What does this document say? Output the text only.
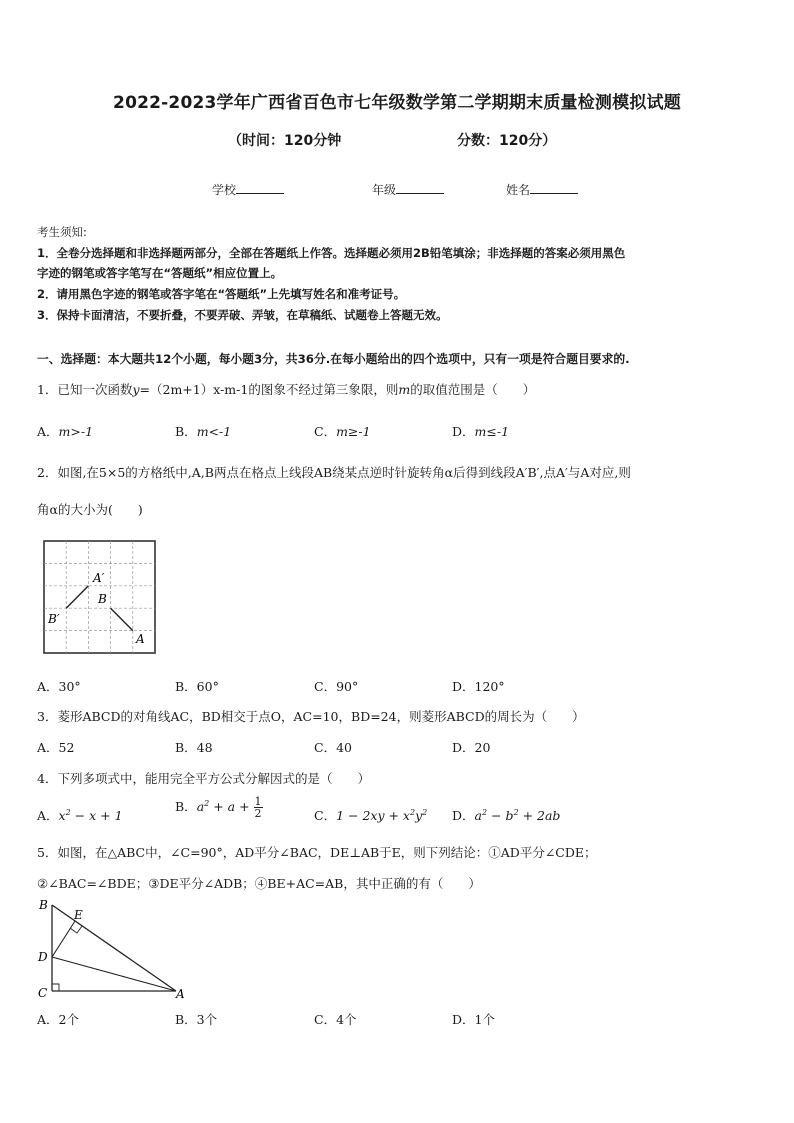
2022-2023学年广西省百色市七年级数学第二学期期末质量检测模拟试题
（时间：120分钟	分数：120分）
学校	年级	姓名
考生须知:
1．全卷分选择题和非选择题两部分，全部在答题纸上作答。选择题必须用2B铅笔填涂；非选择题的答案必须用黑色
字迹的钢笔或答字笔写在“答题纸”相应位置上。
2．请用黑色字迹的钢笔或答字笔在“答题纸”上先填写姓名和准考证号。
3．保持卡面清洁，不要折叠，不要弄破、弄皱，在草稿纸、试题卷上答题无效。
一、选择题：本大题共12个小题，每小题3分，共36分.在每小题给出的四个选项中，只有一项是符合题目要求的.
1．已知一次函数y=（2m+1）x-m-1的图象不经过第三象限，则m的取值范围是（　　）
A．m>-1	B．m<-1	C．m≥-1	D．m≤-1
2．如图,在5×5的方格纸中,A,B两点在格点上线段AB绕某点逆时针旋转角α后得到线段A′B′,点A′与A对应,则
角α的大小为(　　)
A′
B
B′
A
A．30°	B．60°	C．90°	D．120°
3．菱形ABCD的对角线AC，BD相交于点O，AC=10，BD=24，则菱形ABCD的周长为（　　）
A．52	B．48	C．40	D．20
4．下列多项式中，能用完全平方公式分解因式的是（　　）
A．$x^2 - x + 1$
B．$a^2 + a + \frac{1}{2}$	C．$1 - 2xy + x^2y^2$ D．$a^2 - b^2 + 2ab$
5．如图，在△ABC中，∠C=90°，AD平分∠BAC，DE⊥AB于E，则下列结论：①AD平分∠CDE；
②∠BAC=∠BDE；③DE平分∠ADB；④BE+AC=AB，其中正确的有（　　）
B
E
D
C	A
A．2个	B．3个	C．4个	D．1个
